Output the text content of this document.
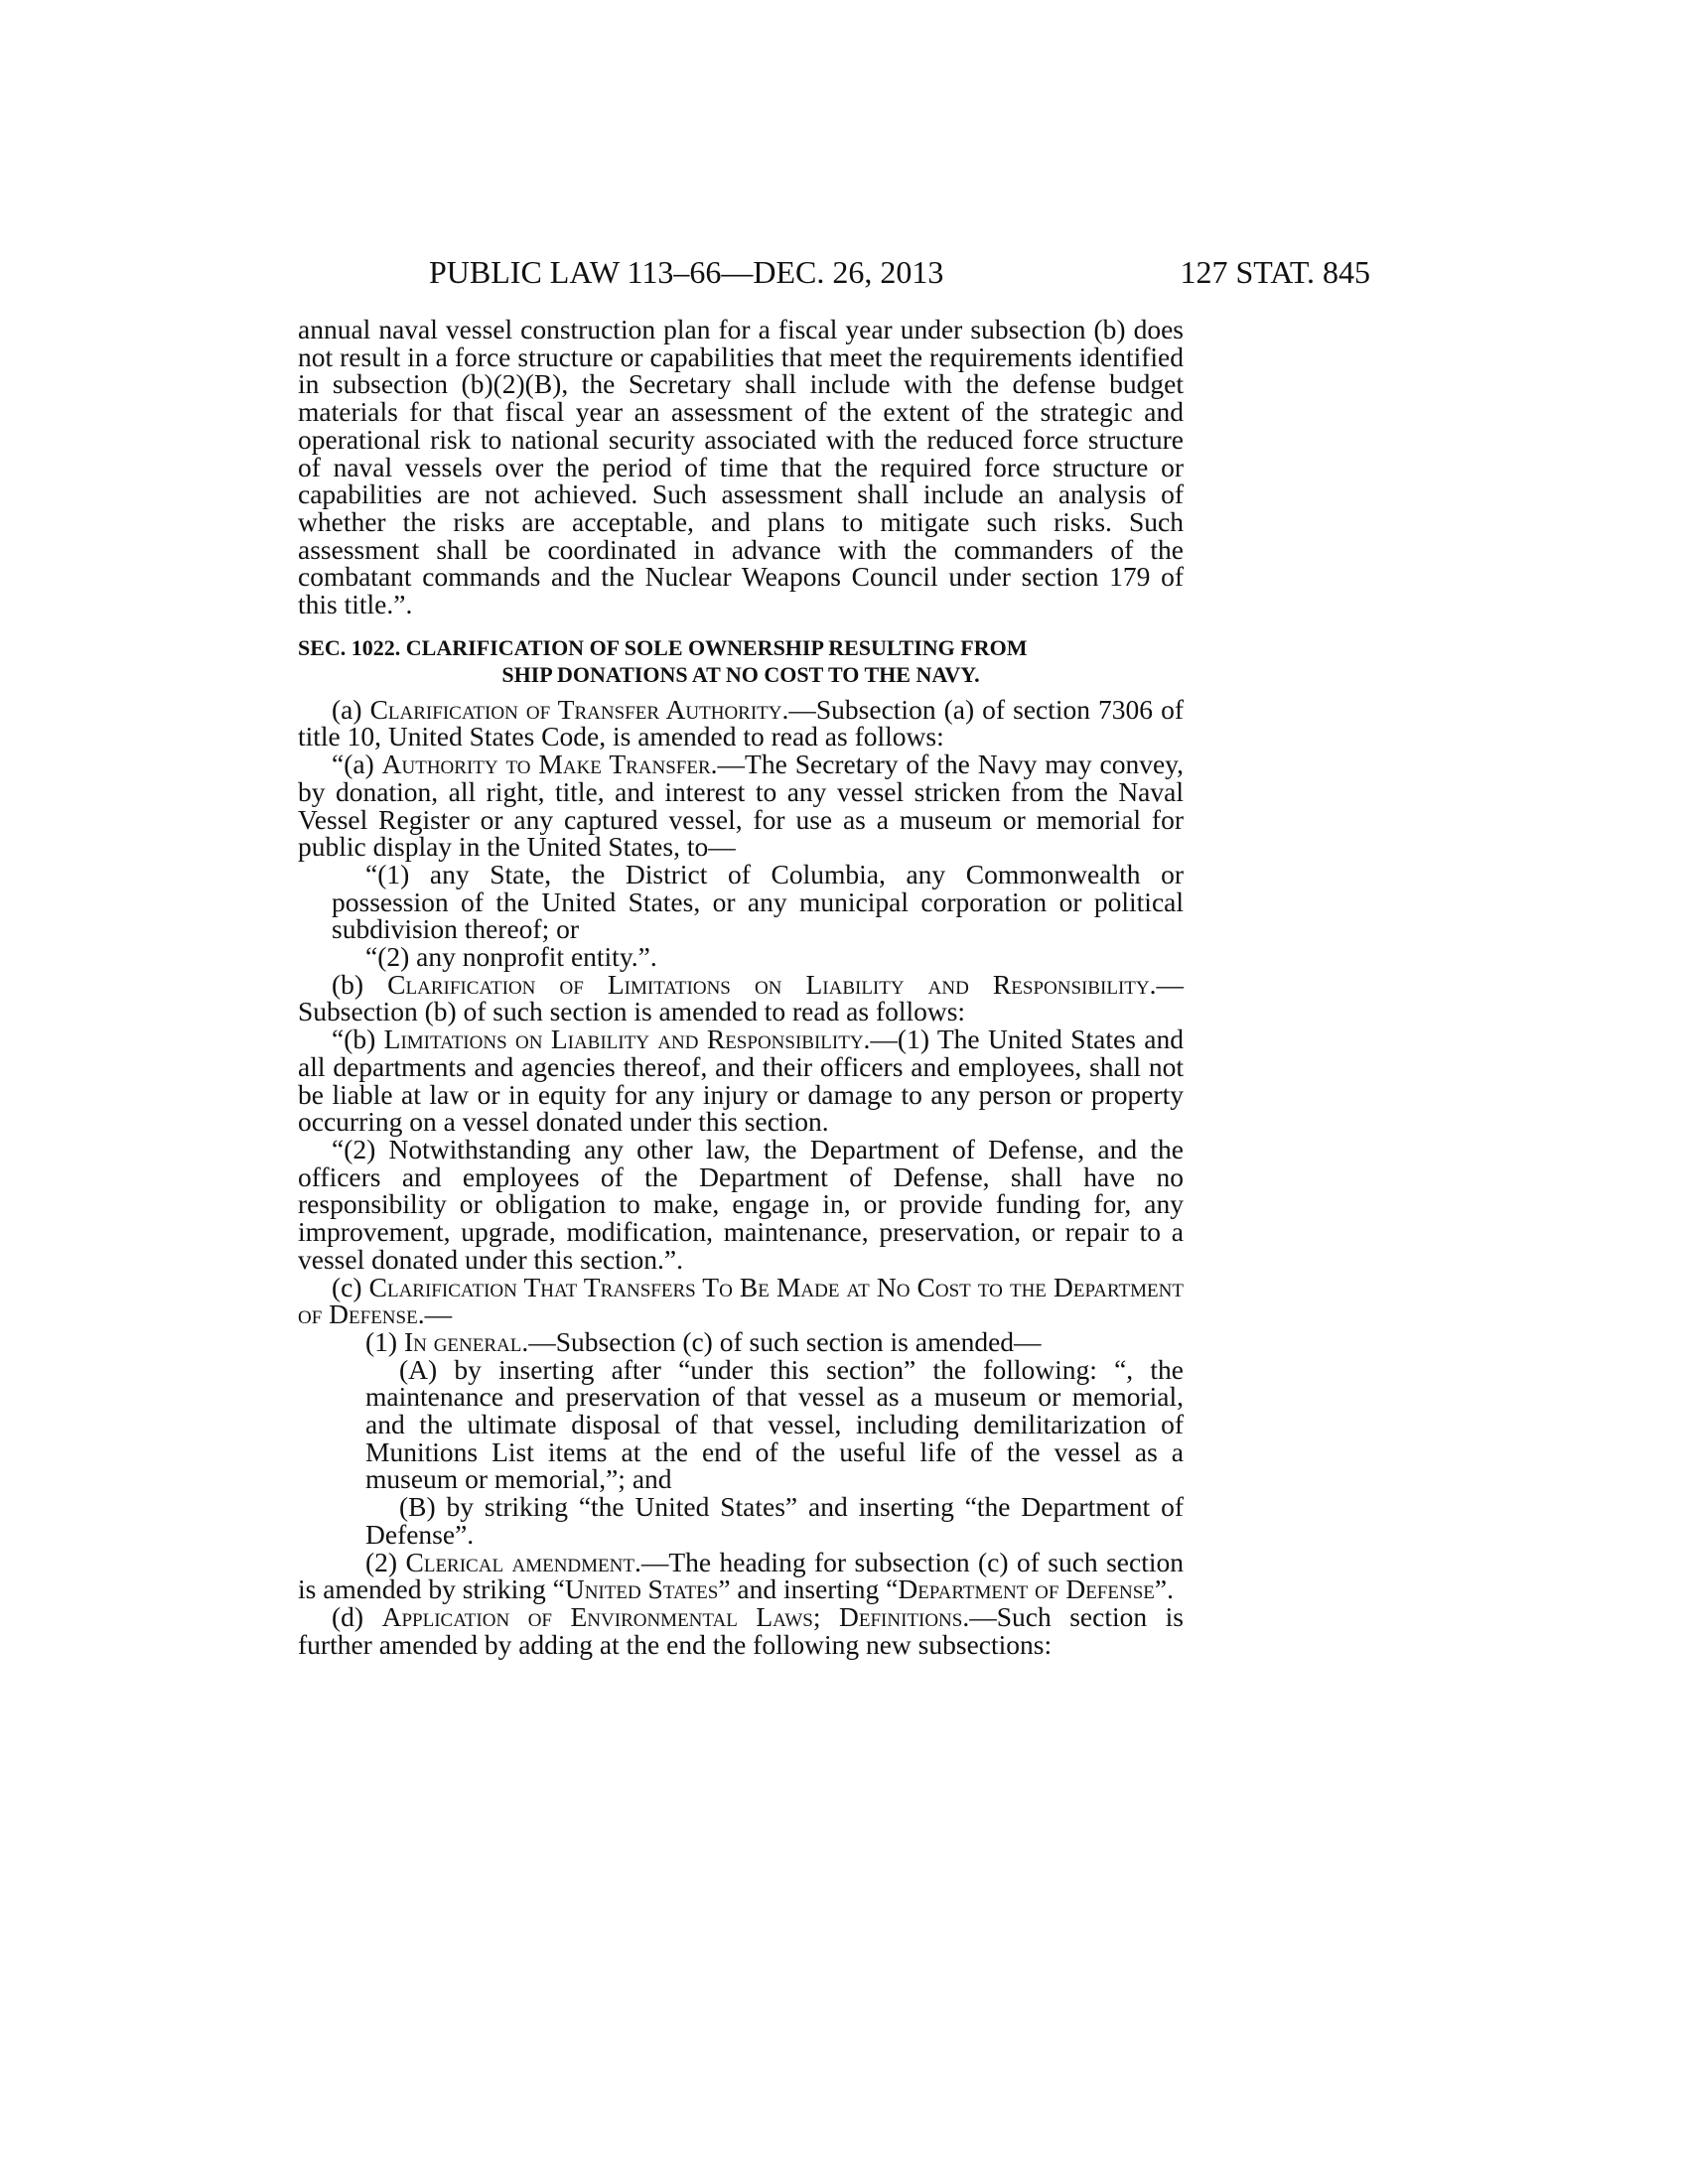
PUBLIC LAW 113–66—DEC. 26, 2013	127 STAT. 845

annual naval vessel construction plan for a fiscal year under subsection (b) does not result in a force structure or capabilities that meet the requirements identified in subsection (b)(2)(B), the Secretary shall include with the defense budget materials for that fiscal year an assessment of the extent of the strategic and operational risk to national security associated with the reduced force structure of naval vessels over the period of time that the required force structure or capabilities are not achieved. Such assessment shall include an analysis of whether the risks are acceptable, and plans to mitigate such risks. Such assessment shall be coordinated in advance with the commanders of the combatant commands and the Nuclear Weapons Council under section 179 of this title.”.

SEC. 1022. CLARIFICATION OF SOLE OWNERSHIP RESULTING FROM
SHIP DONATIONS AT NO COST TO THE NAVY.

(a) Clarification of Transfer Authority.—Subsection (a) of section 7306 of title 10, United States Code, is amended to read as follows:

“(a) Authority to Make Transfer.—The Secretary of the Navy may convey, by donation, all right, title, and interest to any vessel stricken from the Naval Vessel Register or any captured vessel, for use as a museum or memorial for public display in the United States, to—

“(1) any State, the District of Columbia, any Commonwealth or possession of the United States, or any municipal corporation or political subdivision thereof; or

“(2) any nonprofit entity.”.

(b) Clarification of Limitations on Liability and Responsibility.—Subsection (b) of such section is amended to read as follows:

“(b) Limitations on Liability and Responsibility.—(1) The United States and all departments and agencies thereof, and their officers and employees, shall not be liable at law or in equity for any injury or damage to any person or property occurring on a vessel donated under this section.

“(2) Notwithstanding any other law, the Department of Defense, and the officers and employees of the Department of Defense, shall have no responsibility or obligation to make, engage in, or provide funding for, any improvement, upgrade, modification, maintenance, preservation, or repair to a vessel donated under this section.”.

(c) Clarification That Transfers To Be Made at No Cost to the Department of Defense.—

(1) In general.—Subsection (c) of such section is amended—

(A) by inserting after “under this section” the following: “, the maintenance and preservation of that vessel as a museum or memorial, and the ultimate disposal of that vessel, including demilitarization of Munitions List items at the end of the useful life of the vessel as a museum or memorial,”; and

(B) by striking “the United States” and inserting “the Department of Defense”.

(2) Clerical amendment.—The heading for subsection (c) of such section is amended by striking “United States” and inserting “Department of Defense”.

(d) Application of Environmental Laws; Definitions.—Such section is further amended by adding at the end the following new subsections:
